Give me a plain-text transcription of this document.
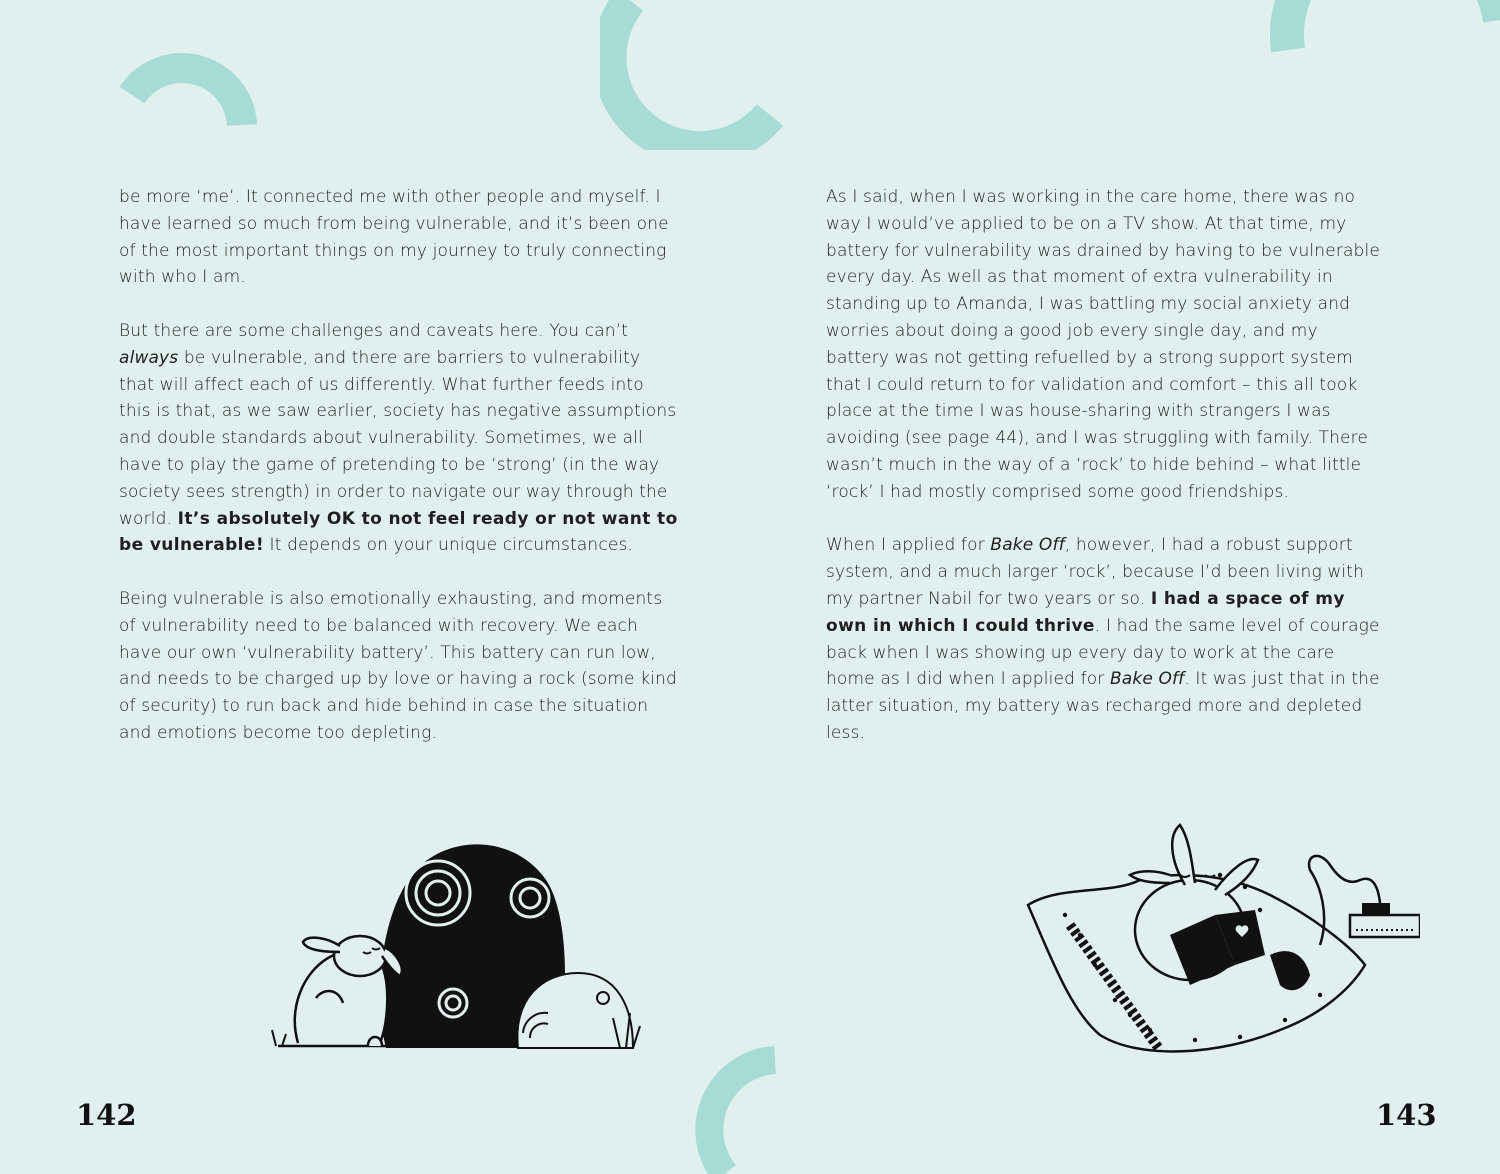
be more ‘me’. It connected me with other people and myself. I have learned so much from being vulnerable, and it’s been one of the most important things on my journey to truly connecting with who I am.

But there are some challenges and caveats here. You can’t always be vulnerable, and there are barriers to vulnerability that will affect each of us differently. What further feeds into this is that, as we saw earlier, society has negative assumptions and double standards about vulnerability. Sometimes, we all have to play the game of pretending to be ‘strong’ (in the way society sees strength) in order to navigate our way through the world. It’s absolutely OK to not feel ready or not want to be vulnerable! It depends on your unique circumstances.

Being vulnerable is also emotionally exhausting, and moments of vulnerability need to be balanced with recovery. We each have our own ‘vulnerability battery’. This battery can run low, and needs to be charged up by love or having a rock (some kind of security) to run back and hide behind in case the situation and emotions become too depleting.

142

As I said, when I was working in the care home, there was no way I would’ve applied to be on a TV show. At that time, my battery for vulnerability was drained by having to be vulnerable every day. As well as that moment of extra vulnerability in standing up to Amanda, I was battling my social anxiety and worries about doing a good job every single day, and my battery was not getting refuelled by a strong support system that I could return to for validation and comfort – this all took place at the time I was house-sharing with strangers I was avoiding (see page 44), and I was struggling with family. There wasn’t much in the way of a ‘rock’ to hide behind – what little ‘rock’ I had mostly comprised some good friendships.

When I applied for Bake Off, however, I had a robust support system, and a much larger ‘rock’, because I’d been living with my partner Nabil for two years or so. I had a space of my own in which I could thrive. I had the same level of courage back when I was showing up every day to work at the care home as I did when I applied for Bake Off. It was just that in the latter situation, my battery was recharged more and depleted less.

143
